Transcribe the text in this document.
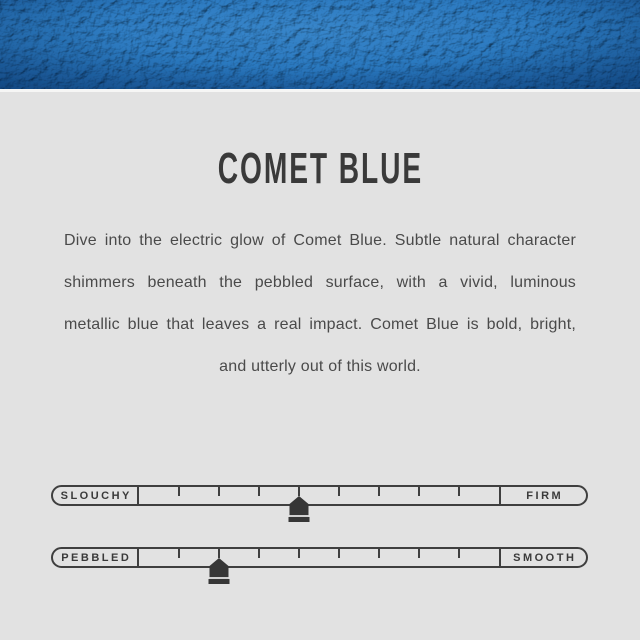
COMET BLUE
Dive into the electric glow of Comet Blue. Subtle natural character
shimmers beneath the pebbled surface, with a vivid, luminous
metallic blue that leaves a real impact. Comet Blue is bold, bright,
and utterly out of this world.
SLOUCHY	FIRM
PEBBLED	SMOOTH
